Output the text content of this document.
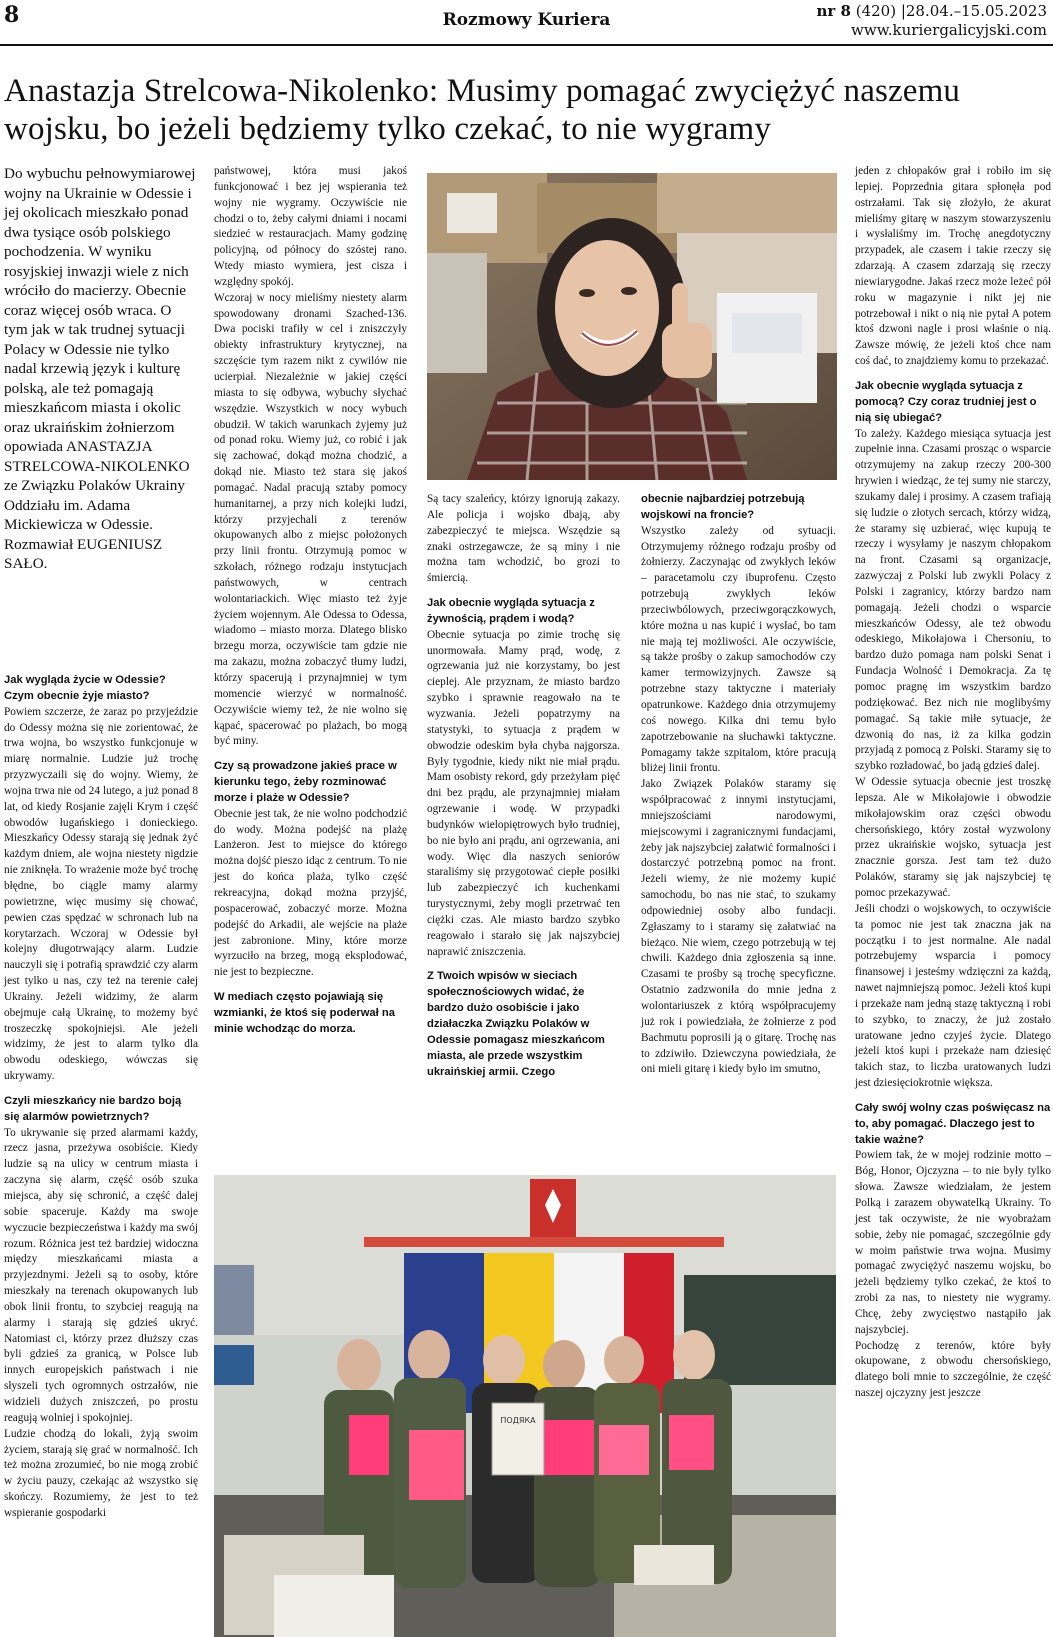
8	Rozmowy Kuriera	nr 8 (420) |28.04.–15.05.2023
www.kuriergalicyjski.com
Anastazja Strelcowa-Nikolenko: Musimy pomagać zwyciężyć naszemu wojsku, bo jeżeli będziemy tylko czekać, to nie wygramy
Do wybuchu pełnowymiarowej wojny na Ukrainie w Odessie i jej okolicach mieszkało ponad dwa tysiące osób polskiego pochodzenia. W wyniku rosyjskiej inwazji wiele z nich wróciło do macierzy. Obecnie coraz więcej osób wraca. O tym jak w tak trudnej sytuacji Polacy w Odessie nie tylko nadal krzewią język i kulturę polską, ale też pomagają mieszkańcom miasta i okolic oraz ukraińskim żołnierzom opowiada ANASTAZJA STRELCOWA-NIKOLENKO ze Związku Polaków Ukrainy Oddziału im. Adama Mickiewicza w Odessie. Rozmawiał EUGENIUSZ SAŁO.

Jak wygląda życie w Odessie? Czym obecnie żyje miasto?

Powiem szczerze, że zaraz po przyjeździe do Odessy można się nie zorientować, że trwa wojna, bo wszystko funkcjonuje w miarę normalnie. Ludzie już trochę przyzwyczaili się do wojny. Wiemy, że wojna trwa nie od 24 lutego, a już ponad 8 lat, od kiedy Rosjanie zajęli Krym i część obwodów ługańskiego i donieckiego. Mieszkańcy Odessy starają się jednak żyć każdym dniem, ale wojna niestety nigdzie nie zniknęła. To wrażenie może być trochę błędne, bo ciągle mamy alarmy powietrzne, więc musimy się chować, pewien czas spędzać w schronach lub na korytarzach. Wczoraj w Odessie był kolejny długotrwający alarm. Ludzie nauczyli się i potrafią sprawdzić czy alarm jest tylko u nas, czy też na terenie całej Ukrainy. Jeżeli widzimy, że alarm obejmuje całą Ukrainę, to możemy być troszeczkę spokojniejsi. Ale jeżeli widzimy, że jest to alarm tylko dla obwodu odeskiego, wówczas się ukrywamy.

Czyli mieszkańcy nie bardzo boją się alarmów powietrznych?

To ukrywanie się przed alarmami każdy, rzecz jasna, przeżywa osobiście. Kiedy ludzie są na ulicy w centrum miasta i zaczyna się alarm, część osób szuka miejsca, aby się schronić, a część dalej sobie spaceruje. Każdy ma swoje wyczucie bezpieczeństwa i każdy ma swój rozum. Różnica jest też bardziej widoczna między mieszkańcami miasta a przyjezdnymi. Jeżeli są to osoby, które mieszkały na terenach okupowanych lub obok linii frontu, to szybciej reagują na alarmy i starają się gdzieś ukryć. Natomiast ci, którzy przez dłuższy czas byli gdzieś za granicą, w Polsce lub innych europejskich państwach i nie słyszeli tych ogromnych ostrzałów, nie widzieli dużych zniszczeń, po prostu reagują wolniej i spokojniej.

Ludzie chodzą do lokali, żyją swoim życiem, starają się grać w normalność. Ich też można zrozumieć, bo nie mogą zrobić w życiu pauzy, czekając aż wszystko się skończy. Rozumiemy, że jest to też wspieranie gospodarki

państwowej, która musi jakoś funkcjonować i bez jej wspierania też wojny nie wygramy. Oczywiście nie chodzi o to, żeby całymi dniami i nocami siedzieć w restauracjach. Mamy godzinę policyjną, od północy do szóstej rano. Wtedy miasto wymiera, jest cisza i względny spokój.

Wczoraj w nocy mieliśmy niestety alarm spowodowany dronami Szached-136. Dwa pociski trafiły w cel i zniszczyły obiekty infrastruktury krytycznej, na szczęście tym razem nikt z cywilów nie ucierpiał. Niezależnie w jakiej części miasta to się odbywa, wybuchy słychać wszędzie. Wszystkich w nocy wybuch obudził. W takich warunkach żyjemy już od ponad roku. Wiemy już, co robić i jak się zachować, dokąd można chodzić, a dokąd nie. Miasto też stara się jakoś pomagać. Nadal pracują sztaby pomocy humanitarnej, a przy nich kolejki ludzi, którzy przyjechali z terenów okupowanych albo z miejsc położonych przy linii frontu. Otrzymują pomoc w szkołach, różnego rodzaju instytucjach państwowych, w centrach wolontariackich. Więc miasto też żyje życiem wojennym. Ale Odessa to Odessa, wiadomo – miasto morza. Dlatego blisko brzegu morza, oczywiście tam gdzie nie ma zakazu, można zobaczyć tłumy ludzi, którzy spacerują i przynajmniej w tym momencie wierzyć w normalność. Oczywiście wiemy też, że nie wolno się kąpać, spacerować po plażach, bo mogą być miny.

Czy są prowadzone jakieś prace w kierunku tego, żeby rozminować morze i plaże w Odessie?

Obecnie jest tak, że nie wolno podchodzić do wody. Można podejść na plażę Lanżeron. Jest to miejsce do którego można dojść pieszo idąc z centrum. To nie jest do końca plaża, tylko część rekreacyjna, dokąd można przyjść, pospacerować, zobaczyć morze. Można podejść do Arkadii, ale wejście na plaże jest zabronione. Miny, które morze wyrzuciło na brzeg, mogą eksplodować, nie jest to bezpieczne.

W mediach często pojawiają się wzmianki, że ktoś się poderwał na minie wchodząc do morza.

Są tacy szaleńcy, którzy ignorują zakazy. Ale policja i wojsko dbają, aby zabezpieczyć te miejsca. Wszędzie są znaki ostrzegawcze, że są miny i nie można tam wchodzić, bo grozi to śmiercią.

Jak obecnie wygląda sytuacja z żywnością, prądem i wodą?

Obecnie sytuacja po zimie trochę się unormowała. Mamy prąd, wodę, z ogrzewania już nie korzystamy, bo jest cieplej. Ale przyznam, że miasto bardzo szybko i sprawnie reagowało na te wyzwania. Jeżeli popatrzymy na statystyki, to sytuacja z prądem w obwodzie odeskim była chyba najgorsza. Były tygodnie, kiedy nikt nie miał prądu. Mam osobisty rekord, gdy przeżyłam pięć dni bez prądu, ale przynajmniej miałam ogrzewanie i wodę. W przypadki budynków wielopiętrowych było trudniej, bo nie było ani prądu, ani ogrzewania, ani wody. Więc dla naszych seniorów staraliśmy się przygotować ciepłe posiłki lub zabezpieczyć ich kuchenkami turystycznymi, żeby mogli przetrwać ten ciężki czas. Ale miasto bardzo szybko reagowało i starało się jak najszybciej naprawić zniszczenia.

Z Twoich wpisów w sieciach społecznościowych widać, że bardzo dużo osobiście i jako działaczka Związku Polaków w Odessie pomagasz mieszkańcom miasta, ale przede wszystkim ukraińskiej armii. Czego

obecnie najbardziej potrzebują wojskowi na froncie?

Wszystko zależy od sytuacji. Otrzymujemy różnego rodzaju prośby od żołnierzy. Zaczynając od zwykłych leków – paracetamolu czy ibuprofenu. Często potrzebują zwykłych leków przeciwbólowych, przeciwgorączkowych, które można u nas kupić i wysłać, bo tam nie mają tej możliwości. Ale oczywiście, są także prośby o zakup samochodów czy kamer termowizyjnych. Zawsze są potrzebne stazy taktyczne i materiały opatrunkowe. Każdego dnia otrzymujemy coś nowego. Kilka dni temu było zapotrzebowanie na słuchawki taktyczne. Pomagamy także szpitalom, które pracują bliżej linii frontu.

Jako Związek Polaków staramy się współpracować z innymi instytucjami, mniejszościami narodowymi, miejscowymi i zagranicznymi fundacjami, żeby jak najszybciej załatwić formalności i dostarczyć potrzebną pomoc na front. Jeżeli wiemy, że nie możemy kupić samochodu, bo nas nie stać, to szukamy odpowiedniej osoby albo fundacji. Zgłaszamy to i staramy się załatwiać na bieżąco. Nie wiem, czego potrzebują w tej chwili. Każdego dnia zgłoszenia są inne. Czasami te prośby są trochę specyficzne. Ostatnio zadzwoniła do mnie jedna z wolontariuszek z którą współpracujemy już rok i powiedziała, że żołnierze z pod Bachmutu poprosili ją o gitarę. Trochę nas to zdziwiło. Dziewczyna powiedziała, że oni mieli gitarę i kiedy było im smutno,

jeden z chłopaków grał i robiło im się lepiej. Poprzednia gitara spłonęła pod ostrzałami. Tak się złożyło, że akurat mieliśmy gitarę w naszym stowarzyszeniu i wysłaliśmy im. Trochę anegdotyczny przypadek, ale czasem i takie rzeczy się zdarzają. A czasem zdarzają się rzeczy niewiarygodne. Jakaś rzecz może leżeć pół roku w magazynie i nikt jej nie potrzebował i nikt o nią nie pytał A potem ktoś dzwoni nagle i prosi właśnie o nią. Zawsze mówię, że jeżeli ktoś chce nam coś dać, to znajdziemy komu to przekazać.

Jak obecnie wygląda sytuacja z pomocą? Czy coraz trudniej jest o nią się ubiegać?

To zależy. Każdego miesiąca sytuacja jest zupełnie inna. Czasami prosząc o wsparcie otrzymujemy na zakup rzeczy 200-300 hrywien i wiedząc, że tej sumy nie starczy, szukamy dalej i prosimy. A czasem trafiają się ludzie o złotych sercach, którzy widzą, że staramy się uzbierać, więc kupują te rzeczy i wysyłamy je naszym chłopakom na front. Czasami są organizacje, zazwyczaj z Polski lub zwykli Polacy z Polski i zagranicy, którzy bardzo nam pomagają. Jeżeli chodzi o wsparcie mieszkańców Odessy, ale też obwodu odeskiego, Mikołajowa i Chersoniu, to bardzo dużo pomaga nam polski Senat i Fundacja Wolność i Demokracja. Za tę pomoc pragnę im wszystkim bardzo podziękować. Bez nich nie moglibyśmy pomagać. Są takie miłe sytuacje, że dzwonią do nas, iż za kilka godzin przyjadą z pomocą z Polski. Staramy się to szybko rozładować, bo jadą gdzieś dalej.

W Odessie sytuacja obecnie jest troszkę lepsza. Ale w Mikołajowie i obwodzie mikołajowskim oraz części obwodu chersońskiego, który został wyzwolony przez ukraińskie wojsko, sytuacja jest znacznie gorsza. Jest tam też dużo Polaków, staramy się jak najszybciej tę pomoc przekazywać.

Jeśli chodzi o wojskowych, to oczywiście ta pomoc nie jest tak znaczna jak na początku i to jest normalne. Ale nadal potrzebujemy wsparcia i pomocy finansowej i jesteśmy wdzięczni za każdą, nawet najmniejszą pomoc. Jeżeli ktoś kupi i przekaże nam jedną stazę taktyczną i robi to szybko, to znaczy, że już zostało uratowane jedno czyjeś życie. Dlatego jeżeli ktoś kupi i przekaże nam dziesięć takich staz, to liczba uratowanych ludzi jest dziesięciokrotnie większa.

Cały swój wolny czas poświęcasz na to, aby pomagać. Dlaczego jest to takie ważne?

Powiem tak, że w mojej rodzinie motto – Bóg, Honor, Ojczyzna – to nie były tylko słowa. Zawsze wiedziałam, że jestem Polką i zarazem obywatelką Ukrainy. To jest tak oczywiste, że nie wyobrażam sobie, żeby nie pomagać, szczególnie gdy w moim państwie trwa wojna. Musimy pomagać zwyciężyć naszemu wojsku, bo jeżeli będziemy tylko czekać, że ktoś to zrobi za nas, to niestety nie wygramy. Chcę, żeby zwycięstwo nastąpiło jak najszybciej.

Pochodzę z terenów, które były okupowane, z obwodu chersońskiego, dlatego boli mnie to szczególnie, że część naszej ojczyzny jest jeszcze

ПОДЯКА
